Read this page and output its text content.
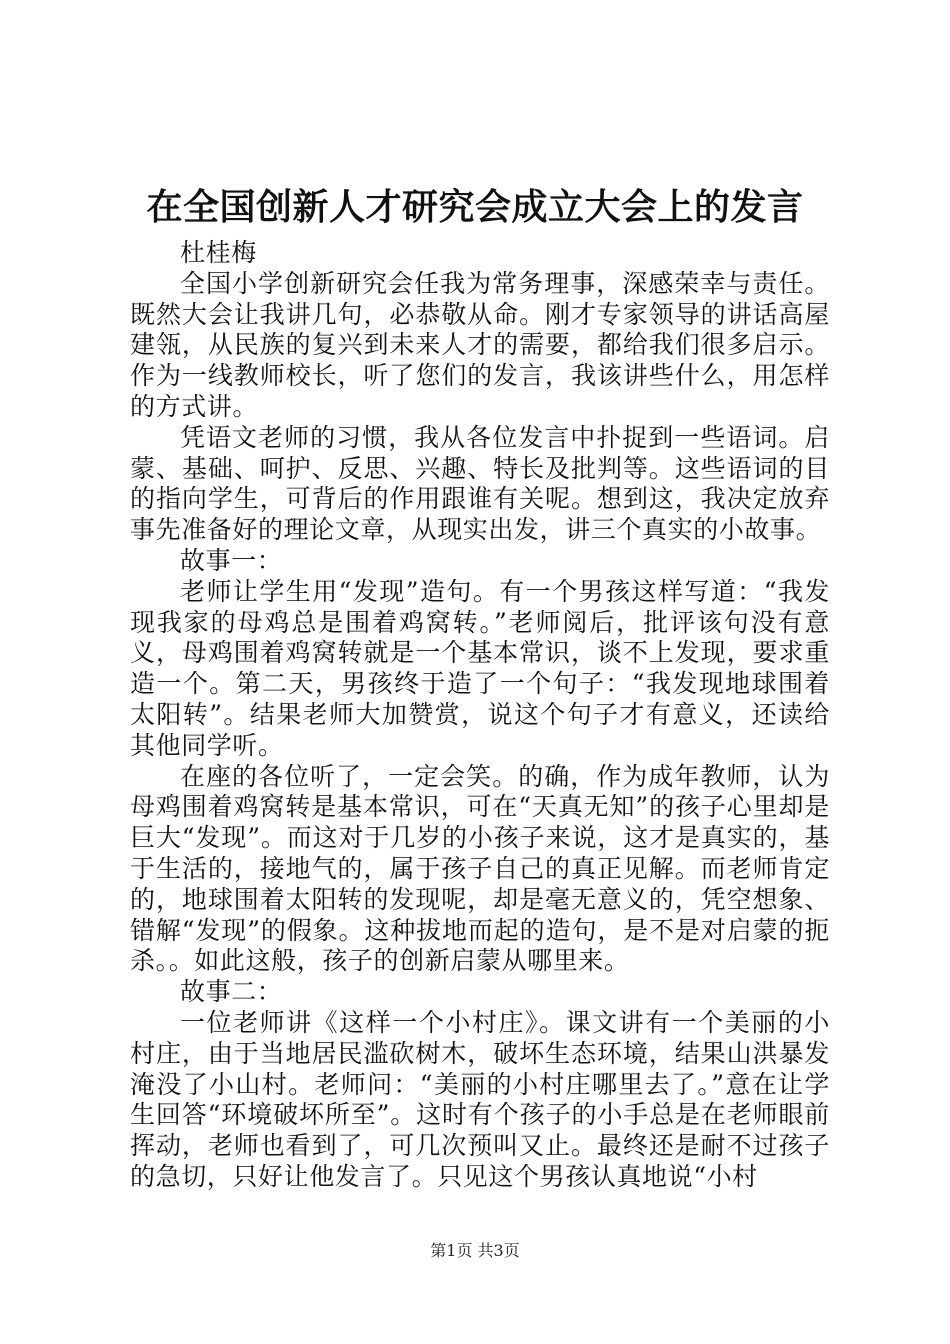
在全国创新人才研究会成立大会上的发言

杜桂梅

全国小学创新研究会任我为常务理事，深感荣幸与责任。既然大会让我讲几句，必恭敬从命。刚才专家领导的讲话高屋建瓴，从民族的复兴到未来人才的需要，都给我们很多启示。作为一线教师校长，听了您们的发言，我该讲些什么，用怎样的方式讲。

凭语文老师的习惯，我从各位发言中扑捉到一些语词。启蒙、基础、呵护、反思、兴趣、特长及批判等。这些语词的目的指向学生，可背后的作用跟谁有关呢。想到这，我决定放弃事先准备好的理论文章，从现实出发，讲三个真实的小故事。

故事一：

老师让学生用“发现”造句。有一个男孩这样写道：“我发现我家的母鸡总是围着鸡窝转。”老师阅后，批评该句没有意义，母鸡围着鸡窝转就是一个基本常识，谈不上发现，要求重造一个。第二天，男孩终于造了一个句子：“我发现地球围着太阳转”。结果老师大加赞赏，说这个句子才有意义，还读给其他同学听。

在座的各位听了，一定会笑。的确，作为成年教师，认为母鸡围着鸡窝转是基本常识，可在“天真无知”的孩子心里却是巨大“发现”。而这对于几岁的小孩子来说，这才是真实的，基于生活的，接地气的，属于孩子自己的真正见解。而老师肯定的，地球围着太阳转的发现呢，却是毫无意义的，凭空想象、错解“发现”的假象。这种拔地而起的造句，是不是对启蒙的扼杀。。如此这般，孩子的创新启蒙从哪里来。

故事二：

一位老师讲《这样一个小村庄》。课文讲有一个美丽的小村庄，由于当地居民滥砍树木，破坏生态环境，结果山洪暴发淹没了小山村。老师问：“美丽的小村庄哪里去了。”意在让学生回答“环境破坏所至”。这时有个孩子的小手总是在老师眼前挥动，老师也看到了，可几次预叫又止。最终还是耐不过孩子的急切，只好让他发言了。只见这个男孩认真地说“小村

第1页 共3页
